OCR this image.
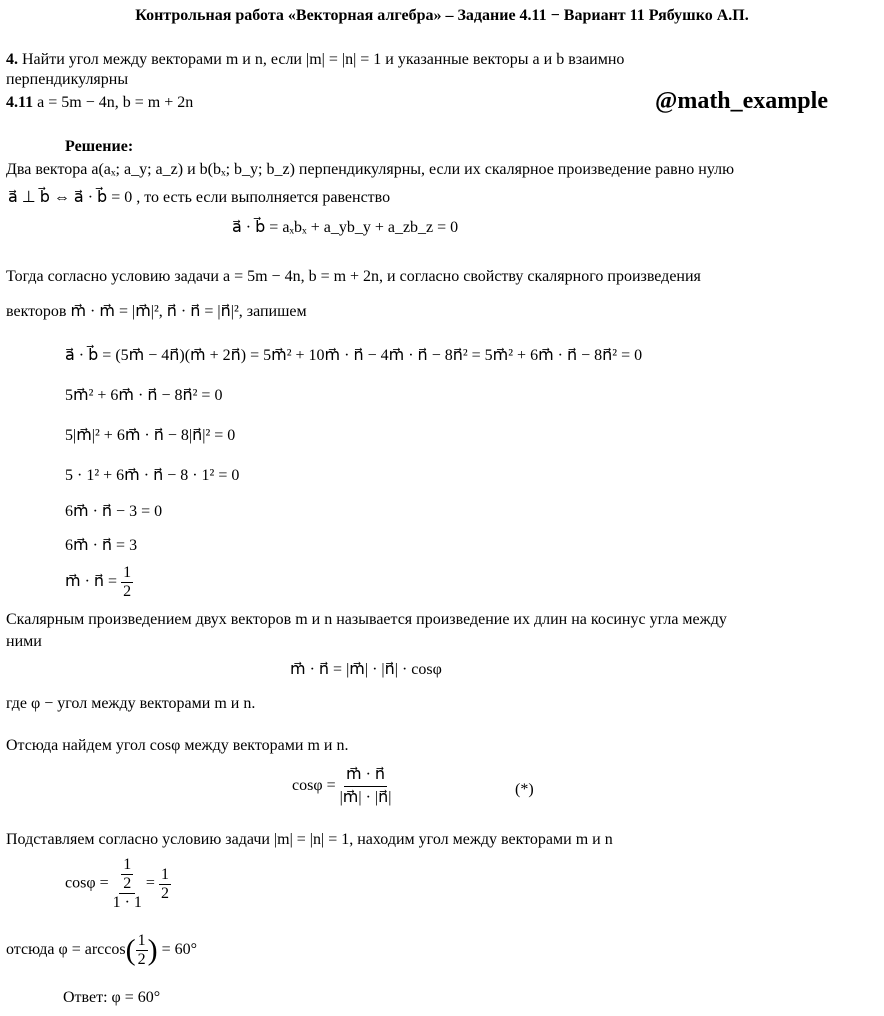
Контрольная работа «Векторная алгебра» – Задание 4.11 − Вариант 11 Рябушко А.П.
4. Найти угол между векторами m и n, если |m| = |n| = 1 и указанные векторы a и b взаимно
перпендикулярны
4.11 a = 5m − 4n, b = m + 2n	@math_example
Решение:
Два вектора a(aₓ; a_y; a_z) и b(bₓ; b_y; b_z) перпендикулярны, если их скалярное произведение равно нулю
a⃗ ⊥ b⃗ ⇔ a⃗ · b⃗ = 0 , то есть если выполняется равенство
a⃗ · b⃗ = aₓbₓ + a_yb_y + a_zb_z = 0
Тогда согласно условию задачи a = 5m − 4n, b = m + 2n, и согласно свойству скалярного произведения
векторов m⃗ · m⃗ = |m⃗|², n⃗ · n⃗ = |n⃗|², запишем
a⃗ · b⃗ = (5m⃗ − 4n⃗)(m⃗ + 2n⃗) = 5m⃗² + 10m⃗ · n⃗ − 4m⃗ · n⃗ − 8n⃗² = 5m⃗² + 6m⃗ · n⃗ − 8n⃗² = 0
5m⃗² + 6m⃗ · n⃗ − 8n⃗² = 0
5|m⃗|² + 6m⃗ · n⃗ − 8|n⃗|² = 0
5 · 1² + 6m⃗ · n⃗ − 8 · 1² = 0
6m⃗ · n⃗ − 3 = 0
6m⃗ · n⃗ = 3
m⃗ · n⃗ = $\frac{1}{2}$
Скалярным произведением двух векторов m и n называется произведение их длин на косинус угла между
ними
m⃗ · n⃗ = |m⃗| · |n⃗| · cosφ
где φ − угол между векторами m и n.
Отсюда найдем угол cosφ между векторами m и n.
$\cos\varphi = \frac{m⃗ \cdot n⃗}{|m⃗| \cdot |n⃗|}$	(*)
Подставляем согласно условию задачи |m| = |n| = 1, находим угол между векторами m и n
$\cos\varphi = \frac{\frac{1}{2}}{1 \cdot 1} = \frac{1}{2}$
отсюда $\varphi = \arccos( \frac{1}{2}$ ) = 60°
Ответ: φ = 60°
